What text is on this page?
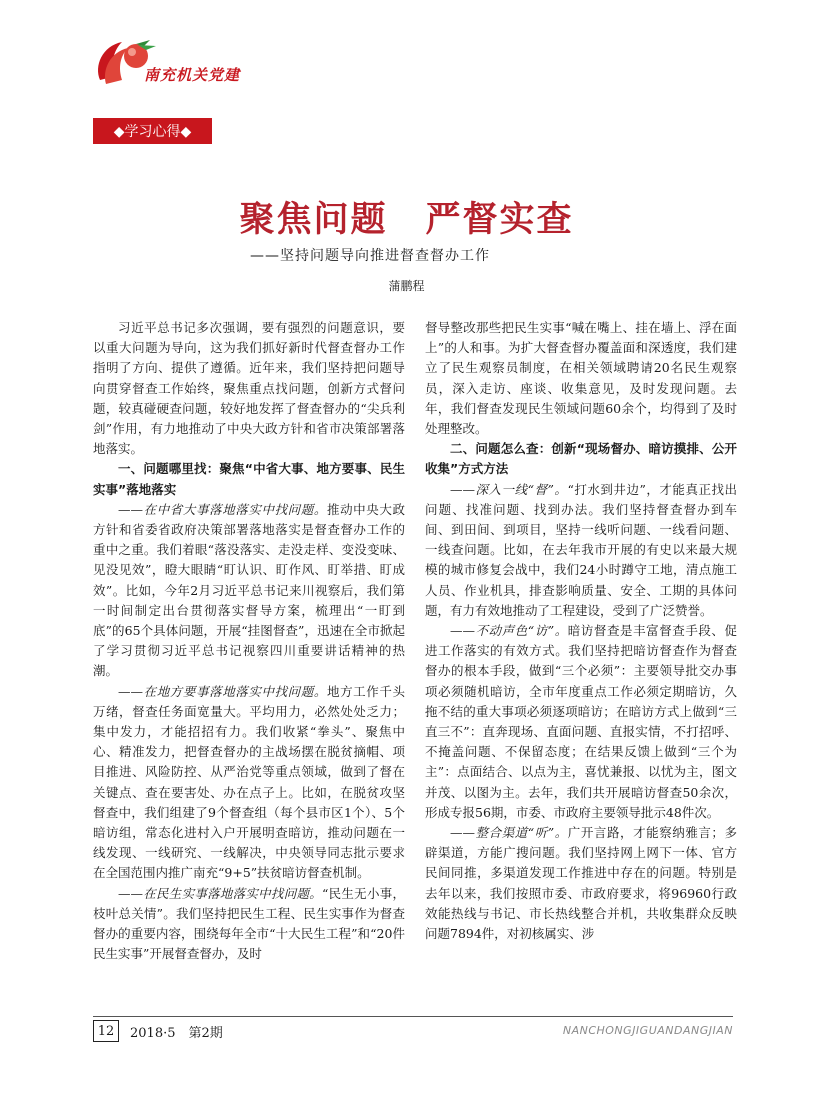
南充机关党建
◆学习心得◆
聚焦问题 严督实查
——坚持问题导向推进督查督办工作
蒲鹏程

习近平总书记多次强调，要有强烈的问题意识，要以重大问题为导向，这为我们抓好新时代督查督办工作指明了方向、提供了遵循。近年来，我们坚持把问题导向贯穿督查工作始终，聚焦重点找问题，创新方式督问题，较真碰硬查问题，较好地发挥了督查督办的“尖兵利剑”作用，有力地推动了中央大政方针和省市决策部署落地落实。

一、问题哪里找：聚焦“中省大事、地方要事、民生实事”落地落实

——在中省大事落地落实中找问题。推动中央大政方针和省委省政府决策部署落地落实是督查督办工作的重中之重。我们着眼“落没落实、走没走样、变没变味、见没见效”，瞪大眼睛“盯认识、盯作风、盯举措、盯成效”。比如，今年2月习近平总书记来川视察后，我们第一时间制定出台贯彻落实督导方案，梳理出“一盯到底”的65个具体问题，开展“挂图督查”，迅速在全市掀起了学习贯彻习近平总书记视察四川重要讲话精神的热潮。

——在地方要事落地落实中找问题。地方工作千头万绪，督查任务面宽量大。平均用力，必然处处乏力；集中发力，才能招招有力。我们收紧“拳头”、聚焦中心、精准发力，把督查督办的主战场摆在脱贫摘帽、项目推进、风险防控、从严治党等重点领域，做到了督在关键点、查在要害处、办在点子上。比如，在脱贫攻坚督查中，我们组建了9个督查组（每个县市区1个）、5个暗访组，常态化进村入户开展明查暗访，推动问题在一线发现、一线研究、一线解决，中央领导同志批示要求在全国范围内推广南充“9+5”扶贫暗访督查机制。

——在民生实事落地落实中找问题。“民生无小事，枝叶总关情”。我们坚持把民生工程、民生实事作为督查督办的重要内容，围绕每年全市“十大民生工程”和“20件民生实事”开展督查督办，及时

督导整改那些把民生实事“喊在嘴上、挂在墙上、浮在面上”的人和事。为扩大督查督办覆盖面和深透度，我们建立了民生观察员制度，在相关领域聘请20名民生观察员，深入走访、座谈、收集意见，及时发现问题。去年，我们督查发现民生领域问题60余个，均得到了及时处理整改。

二、问题怎么查：创新“现场督办、暗访摸排、公开收集”方式方法

——深入一线“督”。“打水到井边”，才能真正找出问题、找准问题、找到办法。我们坚持督查督办到车间、到田间、到项目，坚持一线听问题、一线看问题、一线查问题。比如，在去年我市开展的有史以来最大规模的城市修复会战中，我们24小时蹲守工地，清点施工人员、作业机具，排查影响质量、安全、工期的具体问题，有力有效地推动了工程建设，受到了广泛赞誉。

——不动声色“访”。暗访督查是丰富督查手段、促进工作落实的有效方式。我们坚持把暗访督查作为督查督办的根本手段，做到“三个必须”：主要领导批交办事项必须随机暗访，全市年度重点工作必须定期暗访，久拖不结的重大事项必须逐项暗访；在暗访方式上做到“三直三不”：直奔现场、直面问题、直报实情，不打招呼、不掩盖问题、不保留态度；在结果反馈上做到“三个为主”：点面结合、以点为主，喜忧兼报、以忧为主，图文并茂、以图为主。去年，我们共开展暗访督查50余次，形成专报56期，市委、市政府主要领导批示48件次。

——整合渠道“听”。广开言路，才能察纳雅言；多辟渠道，方能广搜问题。我们坚持网上网下一体、官方民间同推，多渠道发现工作推进中存在的问题。特别是去年以来，我们按照市委、市政府要求，将96960行政效能热线与书记、市长热线整合并机，共收集群众反映问题7894件，对初核属实、涉

12	2018·5　第2期	NANCHONGJIGUANDANGJIAN
